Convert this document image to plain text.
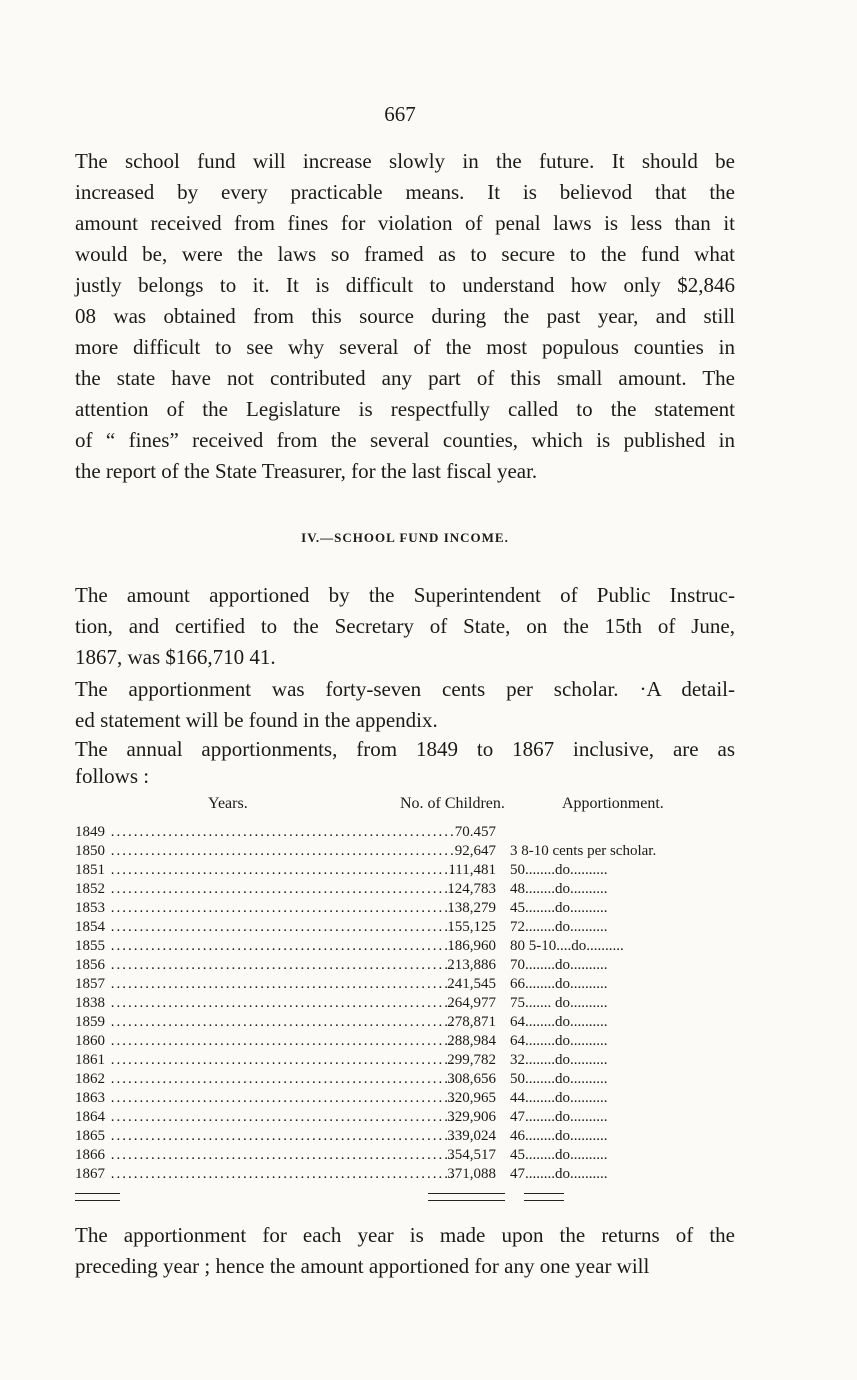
667
The school fund will increase slowly in the future. It should be
increased by every practicable means. It is believod that the
amount received from fines for violation of penal laws is less than it
would be, were the laws so framed as to secure to the fund what
justly belongs to it. It is difficult to understand how only $2,846
08 was obtained from this source during the past year, and still
more difficult to see why several of the most populous counties in
the state have not contributed any part of this small amount. The
attention of the Legislature is respectfully called to the statement
of “ fines” received from the several counties, which is published in
the report of the State Treasurer, for the last fiscal year.
IV.—SCHOOL FUND INCOME.
The amount apportioned by the Superintendent of Public Instruc-
tion, and certified to the Secretary of State, on the 15th of June,
1867, was $166,710 41.
The apportionment was forty-seven cents per scholar. ·A detail-
ed statement will be found in the appendix.
The annual apportionments, from 1849 to 1867 inclusive, are as
follows :
Years.	No. of Children.	Apportionment.
1849 ............................................................ 70.457
1850 ............................................................ 92,647 3 8-10 cents per scholar.
1851 ............................................................
111,481 50........do..........
1852 ............................................................
124,783 48........do..........
1853 ............................................................
138,279 45........do..........
1854 ............................................................
155,125 72........do..........
1855 ............................................................
186,960 80 5-10....do..........
1856 ............................................................
213,886 70........do..........
1857 ............................................................
241,545 66........do..........
1838 ............................................................
264,977 75....... do..........
1859 ............................................................
278,871 64........do..........
1860 ............................................................
288,984 64........do..........
1861 ............................................................
299,782 32........do..........
1862 ............................................................
308,656 50........do..........
1863 ............................................................
320,965 44........do..........
1864 ............................................................
329,906 47........do..........
1865 ............................................................
339,024 46........do..........
1866 ............................................................
354,517 45........do..........
1867 ............................................................
371,088 47........do..........
The apportionment for each year is made upon the returns of the
preceding year ; hence the amount apportioned for any one year will
